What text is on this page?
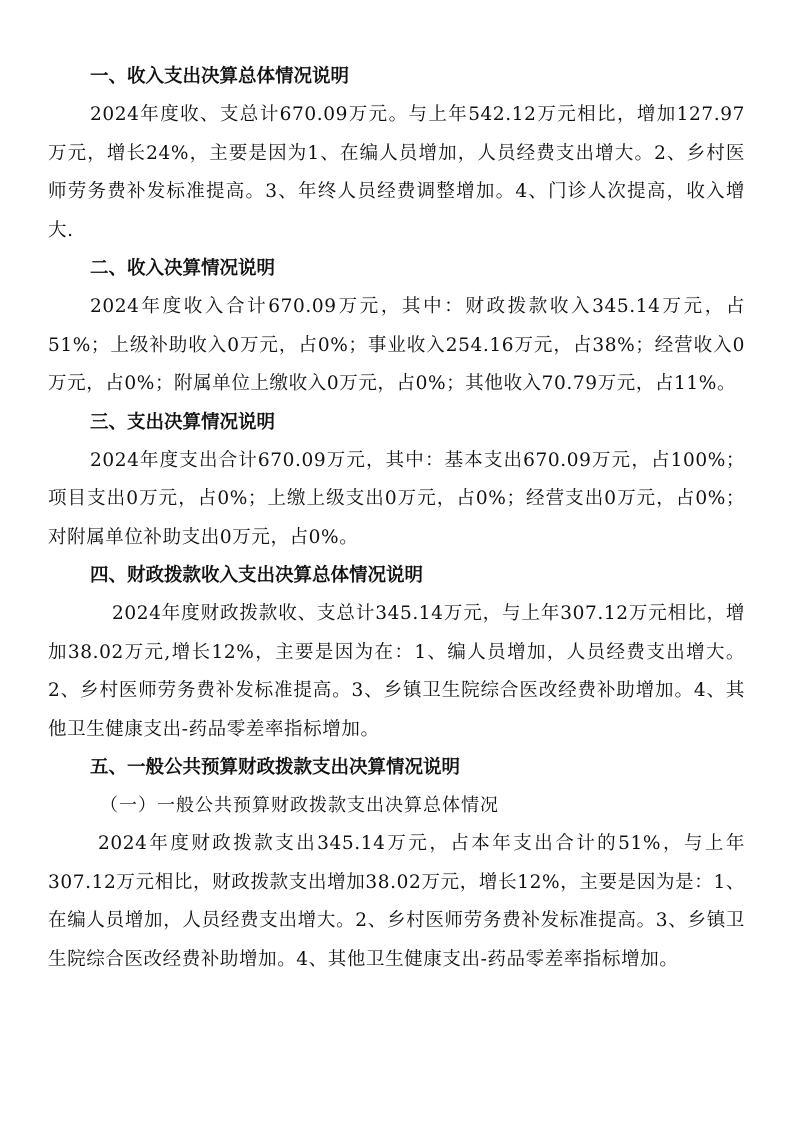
一、收入支出决算总体情况说明

2024年度收、支总计670.09万元。与上年542.12万元相比，增加127.97万元，增长24%，主要是因为1、在编人员增加，人员经费支出增大。2、乡村医师劳务费补发标准提高。3、年终人员经费调整增加。4、门诊人次提高，收入增大.

二、收入决算情况说明

2024年度收入合计670.09万元，其中：财政拨款收入345.14万元，占51%；上级补助收入0万元，占0%；事业收入254.16万元，占38%；经营收入0万元，占0%；附属单位上缴收入0万元，占0%；其他收入70.79万元，占11%。

三、支出决算情况说明

2024年度支出合计670.09万元，其中：基本支出670.09万元，占100%；项目支出0万元，占0%；上缴上级支出0万元，占0%；经营支出0万元，占0%；对附属单位补助支出0万元，占0%。

四、财政拨款收入支出决算总体情况说明

2024年度财政拨款收、支总计345.14万元，与上年307.12万元相比，增加38.02万元,增长12%，主要是因为在：1、编人员增加，人员经费支出增大。2、乡村医师劳务费补发标准提高。3、乡镇卫生院综合医改经费补助增加。4、其他卫生健康支出-药品零差率指标增加。

五、一般公共预算财政拨款支出决算情况说明

（一）一般公共预算财政拨款支出决算总体情况

2024年度财政拨款支出345.14万元，占本年支出合计的51%，与上年307.12万元相比，财政拨款支出增加38.02万元，增长12%，主要是因为是：1、在编人员增加，人员经费支出增大。2、乡村医师劳务费补发标准提高。3、乡镇卫生院综合医改经费补助增加。4、其他卫生健康支出-药品零差率指标增加。
